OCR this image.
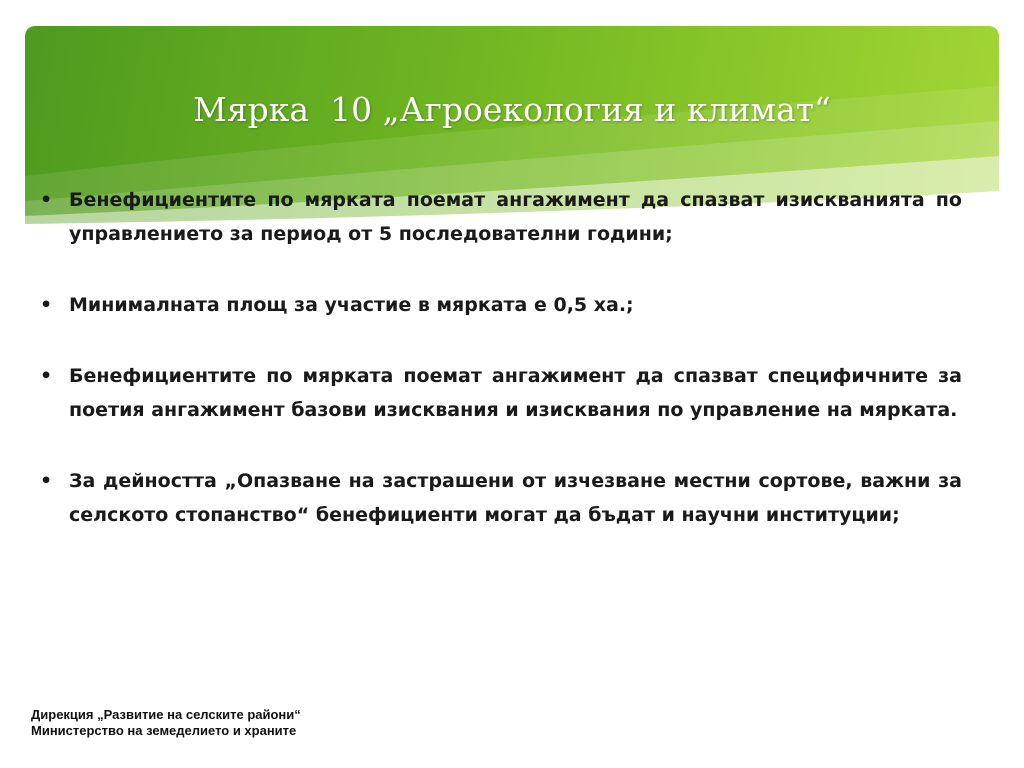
Мярка  10 „Агроекология и климат“
• Бенефициентите по мярката поемат ангажимент да спазват изискванията по управлението за период от 5 последователни години;
• Минималната площ за участие в мярката е 0,5 ха.;
• Бенефициентите по мярката поемат ангажимент да спазват специфичните за поетия ангажимент базови изисквания и изисквания по управление на мярката.
• За дейността „Опазване на застрашени от изчезване местни сортове, важни за селското стопанство“ бенефициенти могат да бъдат и научни институции;
Дирекция „Развитие на селските райони“
Министерство на земеделието и храните
